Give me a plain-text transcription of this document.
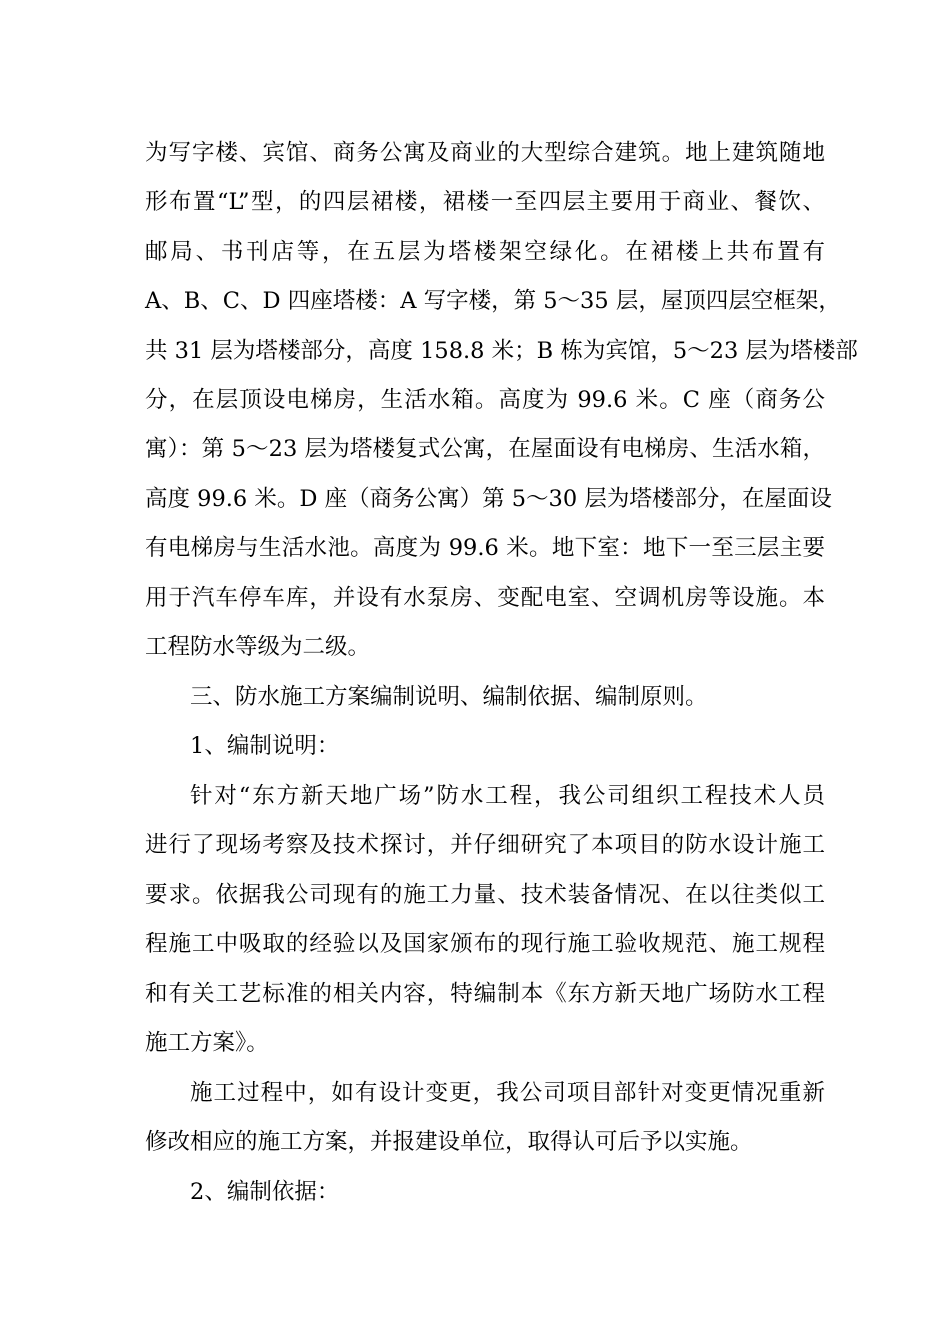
为写字楼、宾馆、商务公寓及商业的大型综合建筑。地上建筑随地
形布置“L”型，的四层裙楼，裙楼一至四层主要用于商业、餐饮、
邮局、书刊店等，在五层为塔楼架空绿化。在裙楼上共布置有
A、B、C、D 四座塔楼：A 写字楼，第 5～35 层，屋顶四层空框架，
共 31 层为塔楼部分，高度 158.8 米；B 栋为宾馆，5～23 层为塔楼部
分，在层顶设电梯房，生活水箱。高度为 99.6 米。C 座（商务公
寓）：第 5～23 层为塔楼复式公寓，在屋面设有电梯房、生活水箱，
高度 99.6 米。D 座（商务公寓）第 5～30 层为塔楼部分，在屋面设
有电梯房与生活水池。高度为 99.6 米。地下室：地下一至三层主要
用于汽车停车库，并设有水泵房、变配电室、空调机房等设施。本
工程防水等级为二级。
三、防水施工方案编制说明、编制依据、编制原则。
1、编制说明：
针对“东方新天地广场”防水工程，我公司组织工程技术人员
进行了现场考察及技术探讨，并仔细研究了本项目的防水设计施工
要求。依据我公司现有的施工力量、技术装备情况、在以往类似工
程施工中吸取的经验以及国家颁布的现行施工验收规范、施工规程
和有关工艺标准的相关内容，特编制本《东方新天地广场防水工程
施工方案》。
施工过程中，如有设计变更，我公司项目部针对变更情况重新
修改相应的施工方案，并报建设单位，取得认可后予以实施。
2、编制依据：
